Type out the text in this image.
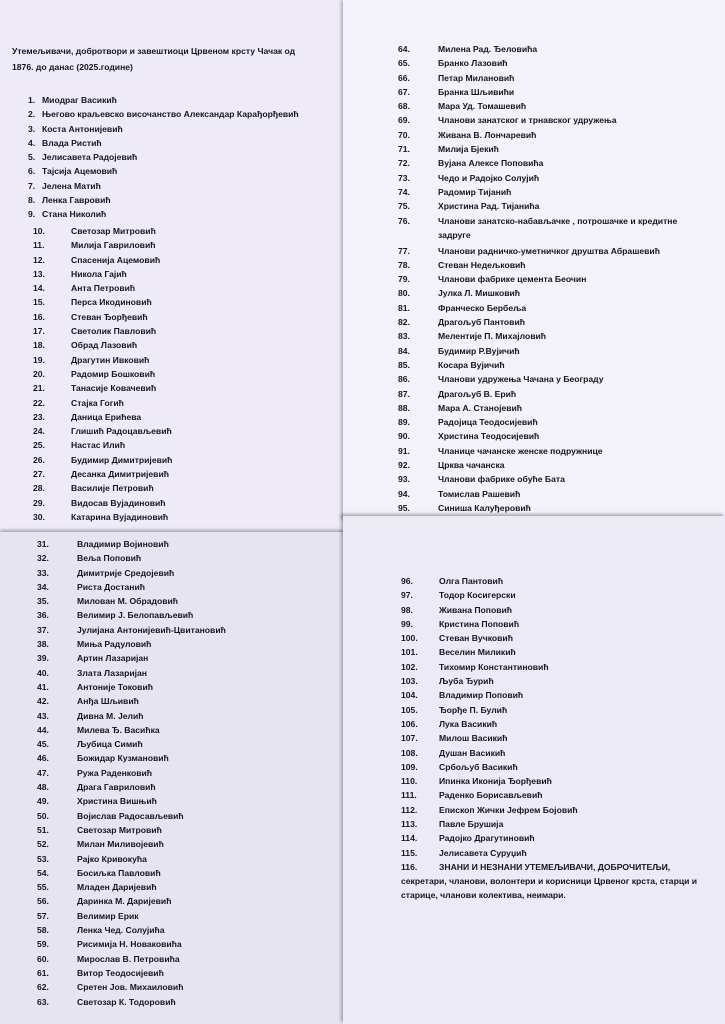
Утемељивачи, добротвори и завештиоци Црвеном крсту Чачак од
1876. до данас (2025.године)
1. Миодраг Васикић
2. Његово краљевско височанство Александар Карађорђевић
3. Коста Антонијевић
4. Влада Ристић
5. Јелисавета Радојевић
6. Тајсија Ацемовић
7. Јелена Матић
8. Ленка Гавровић
9. Стана Николић
10.	Светозар Митровић
11.	Милија Гавриловић
12.	Спасенија Ацемовић
13.	Никола Гајић
14.	Анта Петровић
15.	Перса Икодиновић
16.	Стеван Ђорђевић
17.	Светолик Павловић
18.	Обрад Лазовић
19.	Драгутин Ивковић
20.	Радомир Бошковић
21.	Танасије Ковачевић
22.	Стајка Гогић
23.	Даница Ерићева
24.	Глишић Радоцављевић
25.	Настас Илић
26.	Будимир Димитријевић
27.	Десанка Димитријевић
28.	Василије Петровић
29.	Видосав Вујадиновић
30.	Катарина Вујадиновић
64.	Милена Рад. Ђеловића
65.	Бранко Лазовић
66.	Петар Милановић
67.	Бранка Шљивићи
68.	Мара Уд. Томашевић
69.	Чланови занатског и трнавског удружења
70.	Живана В. Лончаревић
71.	Милија Бјекић
72.	Вујана Алексе Поповића
73.	Чедо и Радојко Солујић
74.	Радомир Тијанић
75.	Христина Рад. Тијанића
76.	Чланови занатско-набављачке , потрошачке и кредитне
задруге
77.	Чланови радничко-уметничког друштва Абрашевић
78.	Стеван Недељковић
79.	Чланови фабрике цемента Беочин
80.	Јулка Л. Мишковић
81.	Франческо Бербеља
82.	Драгољуб Пантовић
83.	Мелентије П. Михајловић
84.	Будимир Р.Вујичић
85.	Косара Вујичић
86.	Чланови удружења Чачана у Београду
87.	Драгољуб В. Ерић
88.	Мара А. Станојевић
89.	Радојица Теодосијевић
90.	Христина Теодосијевић
91.	Чланице чачанске женске подружнице
92.	Црква чачанска
93.	Чланови фабрике обуће Бата
94.	Томислав Рашевић
95.	Синиша Калуђеровић
31.	Владимир Војиновић
32.	Веља Поповић
33.	Димитрије Средојевић
34.	Риста Достанић
35.	Милован М. Обрадовић
36.	Велимир Ј. Белопављевић
37.	Јулијана Антонијевић-Цвитановић
38.	Миња Радуловић
39.	Артин Лазаријан
40.	Злата Лазаријан
41.	Антоније Токовић
42.	Анђа Шљивић
43.	Дивна М. Јелић
44.	Милева Ђ. Васићка
45.	Љубица Симић
46.	Божидар Кузмановић
47.	Ружа Раденковић
48.	Драга Гавриловић
49.	Христина Вишњић
50.	Војислав Радосављевић
51.	Светозар Митровић
52.	Милан Миливојевић
53.	Рајко Кривокућа
54.	Босиљка Павловић
55.	Младен Даријевић
56.	Даринка М. Даријевић
57.	Велимир Ерик
58.	Ленка Чед. Солујића
59.	Рисимија Н. Новаковића
60.	Мирослав В. Петровића
61.	Витор Теодосијевић
62.	Сретен Јов. Михаиловић
63.	Светозар К. Тодоровић
96.	Олга Пантовић
97.	Тодор Косигерски
98.	Живана Поповић
99.	Кристина Поповић
100. Стеван Вучковић
101. Веселин Миликић
102. Тихомир Константиновић
103. Љуба Ђурић
104. Владимир Поповић
105. Ђорђе П. Булић
106. Лука Васикић
107. Милош Васикић
108. Душан Васикић
109. Србољуб Васикић
110.	Ипинка Иконија Ђорђевић
111.	Раденко Борисављевић
112.	Епископ Жички Јефрем Бојовић
113.	Павле Брушија
114.	Радојко Драгутиновић
115.	Јелисавета Суруџић
116.	ЗНАНИ И НЕЗНАНИ УТЕМЕЉИВАЧИ, ДОБРОЧИТЕЉИ,
секретари, чланови, волонтери и корисници Црвеног крста, старци и старице, чланови колектива, неимари.
